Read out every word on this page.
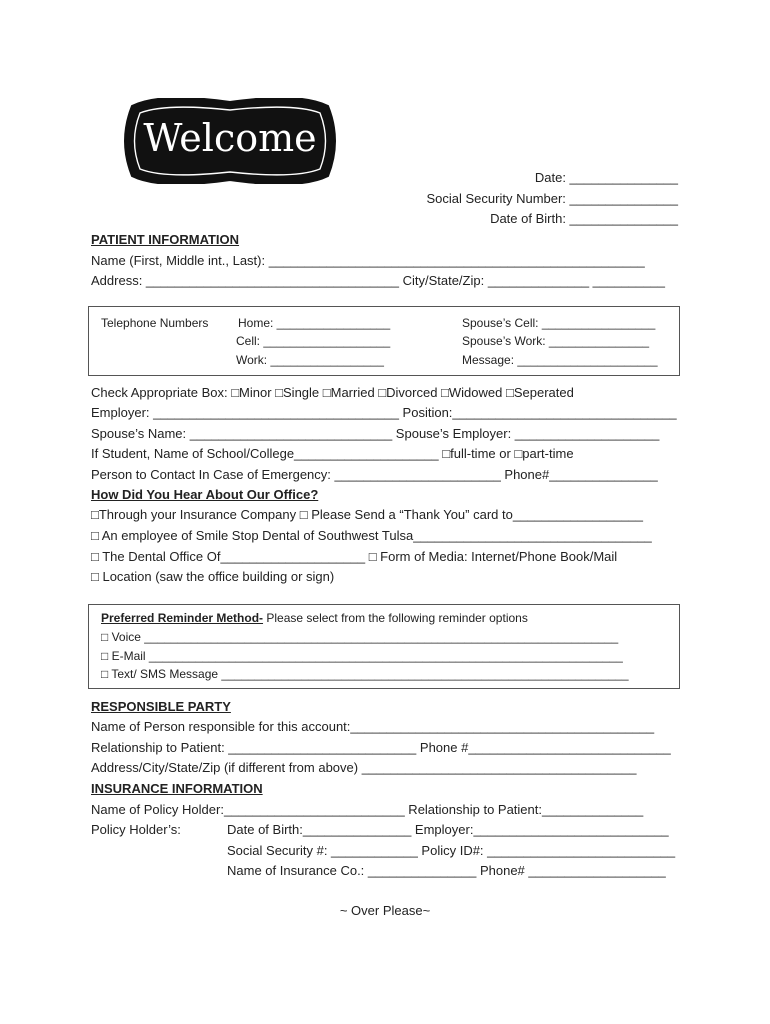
Welcome
Date: _______________
Social Security Number: _______________
Date of Birth: _______________
PATIENT INFORMATION
Name (First, Middle int., Last): ____________________________________________________
Address: ___________________________________ City/State/Zip: ______________ __________
Telephone Numbers Home: _________________
Cell: ___________________
Work: _________________
Spouse’s Cell: _________________
Spouse’s Work: _______________
Message: _____________________
Check Appropriate Box: □Minor □Single □Married □Divorced □Widowed □Seperated
Employer: __________________________________ Position:_______________________________
Spouse’s Name: ____________________________ Spouse’s Employer: ____________________
If Student, Name of School/College____________________ □full-time or □part-time
Person to Contact In Case of Emergency: _______________________ Phone#_______________
How Did You Hear About Our Office?
□Through your Insurance Company □ Please Send a “Thank You” card to__________________
□ An employee of Smile Stop Dental of Southwest Tulsa_________________________________
□ The Dental Office Of____________________ □ Form of Media: Internet/Phone Book/Mail
□ Location (saw the office building or sign)
Preferred Reminder Method- Please select from the following reminder options
□ Voice _______________________________________________________________________
□ E-Mail _______________________________________________________________________
□ Text/ SMS Message _____________________________________________________________
RESPONSIBLE PARTY
Name of Person responsible for this account:__________________________________________
Relationship to Patient: __________________________ Phone #____________________________
Address/City/State/Zip (if different from above) ______________________________________
INSURANCE INFORMATION
Name of Policy Holder:_________________________ Relationship to Patient:______________
Policy Holder’s:	Date of Birth:_______________ Employer:___________________________
Social Security #: ____________ Policy ID#: __________________________
Name of Insurance Co.: _______________ Phone# ___________________
~ Over Please~
